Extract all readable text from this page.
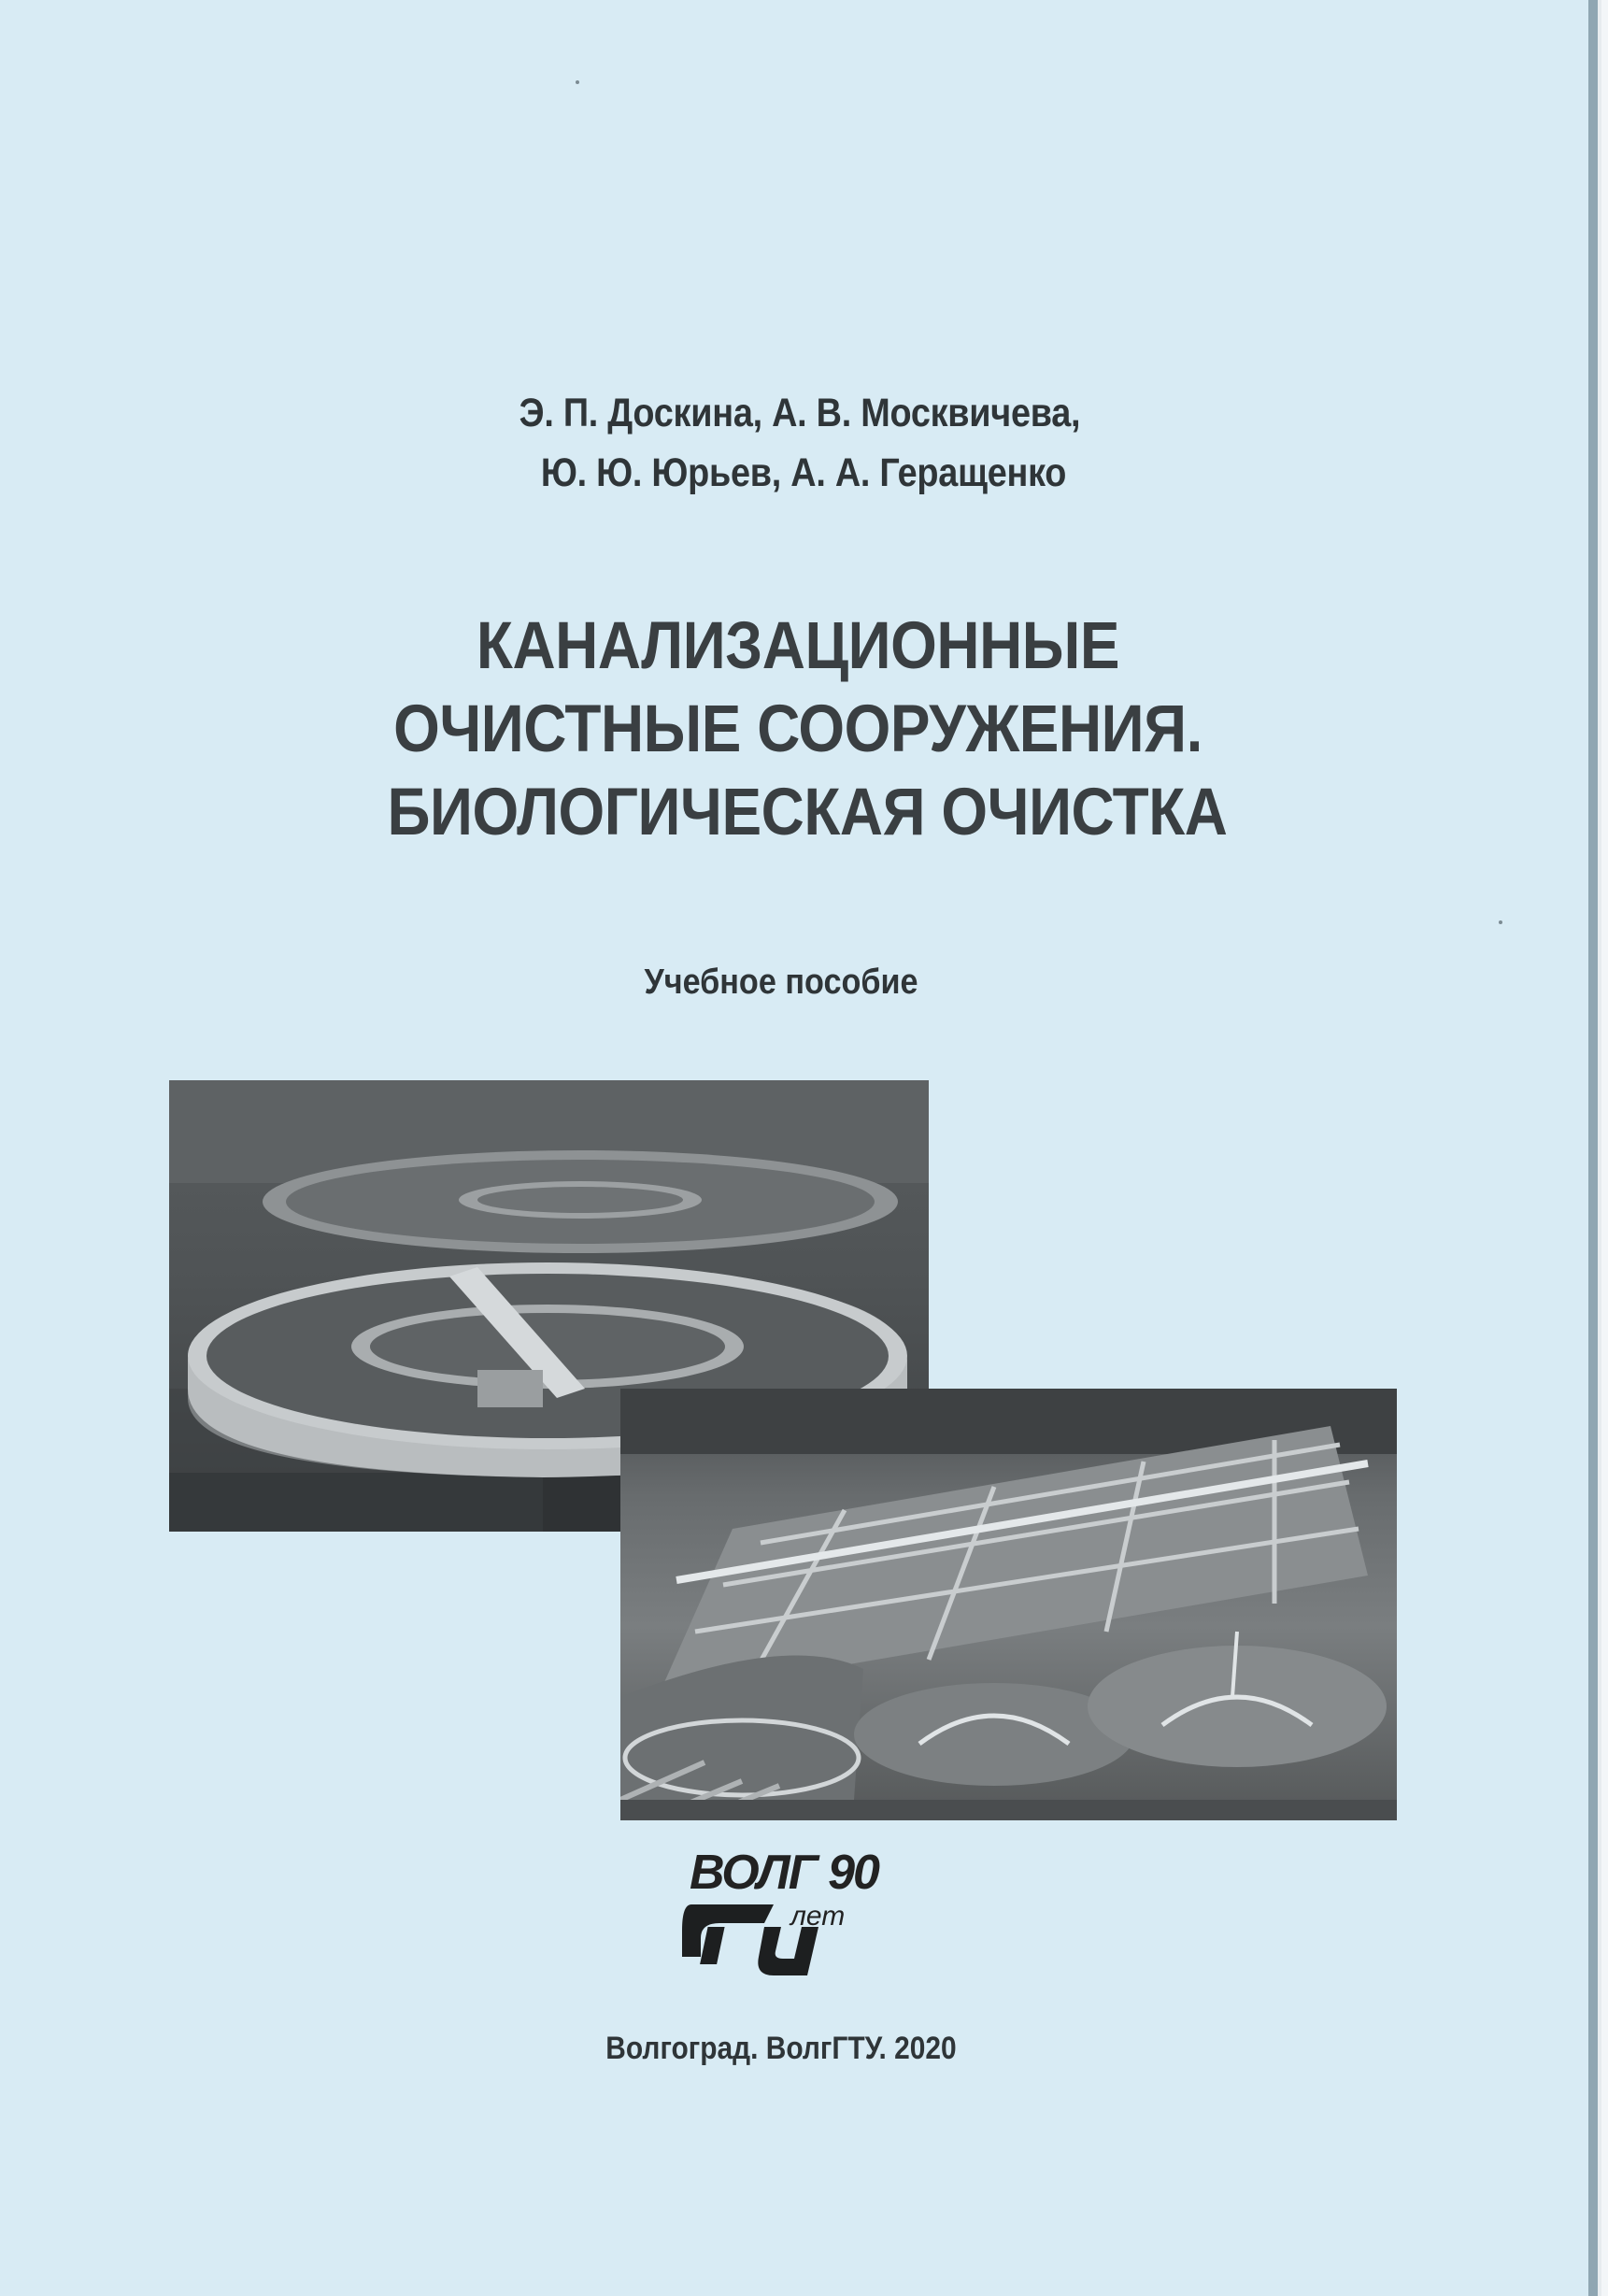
Э. П. Доскина, А. В. Москвичева,
Ю. Ю. Юрьев, А. А. Геращенко
КАНАЛИЗАЦИОННЫЕ
ОЧИСТНЫЕ СООРУЖЕНИЯ.
БИОЛОГИЧЕСКАЯ ОЧИСТКА
Учебное пособие
ВОЛГ 90
лет
Волгоград. ВолгГТУ. 2020
